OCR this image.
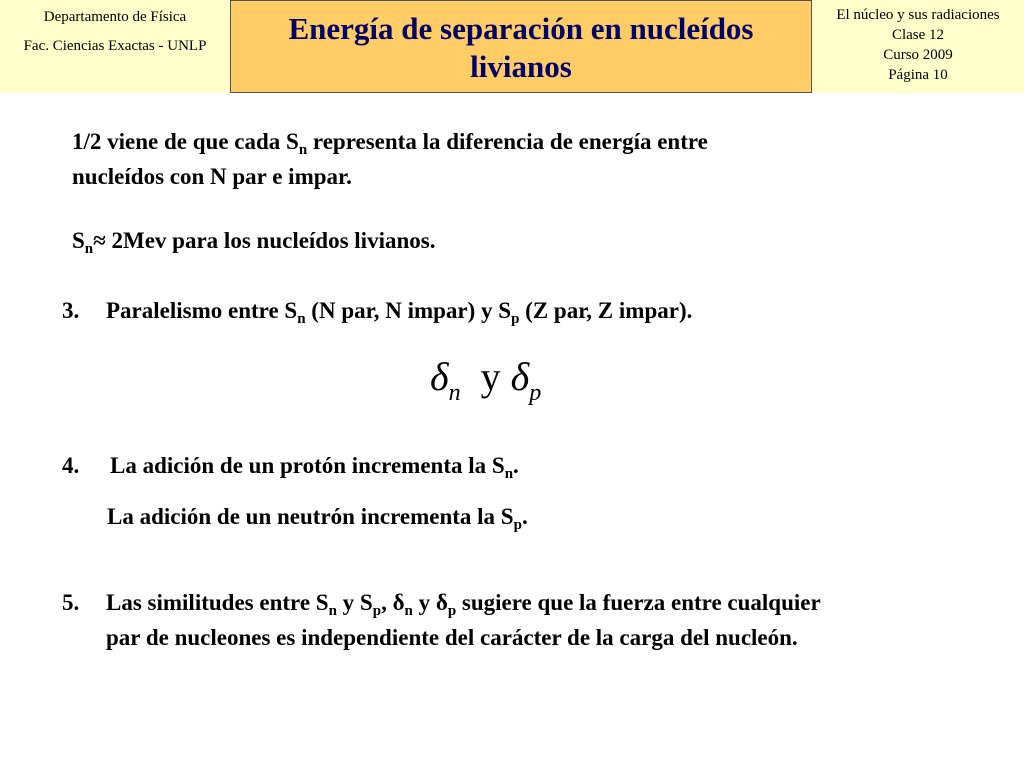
Departamento de Física
Fac. Ciencias Exactas - UNLP	Energía de separación en nucleídos
livianos
El núcleo y sus radiaciones
Clase 12
Curso 2009
Página 10
1/2 viene de que cada $S_n$ representa la diferencia de energía entre
nucleídos con N par e impar.
$S_n\approx 2Mev$ para los nucleídos livianos.
3. Paralelismo entre $S_n$ (N par, N impar) y $S_p$ (Z par, Z impar).
$\delta_n$ y $\delta_p$
4. La adición de un protón incrementa la $S_n$.
La adición de un neutrón incrementa la $S_p$.
5. Las similitudes entre $S_n$ y $S_p$, $\delta_n$ y $\delta_p$ sugiere que la fuerza entre cualquier
par de nucleones es independiente del carácter de la carga del nucleón.
